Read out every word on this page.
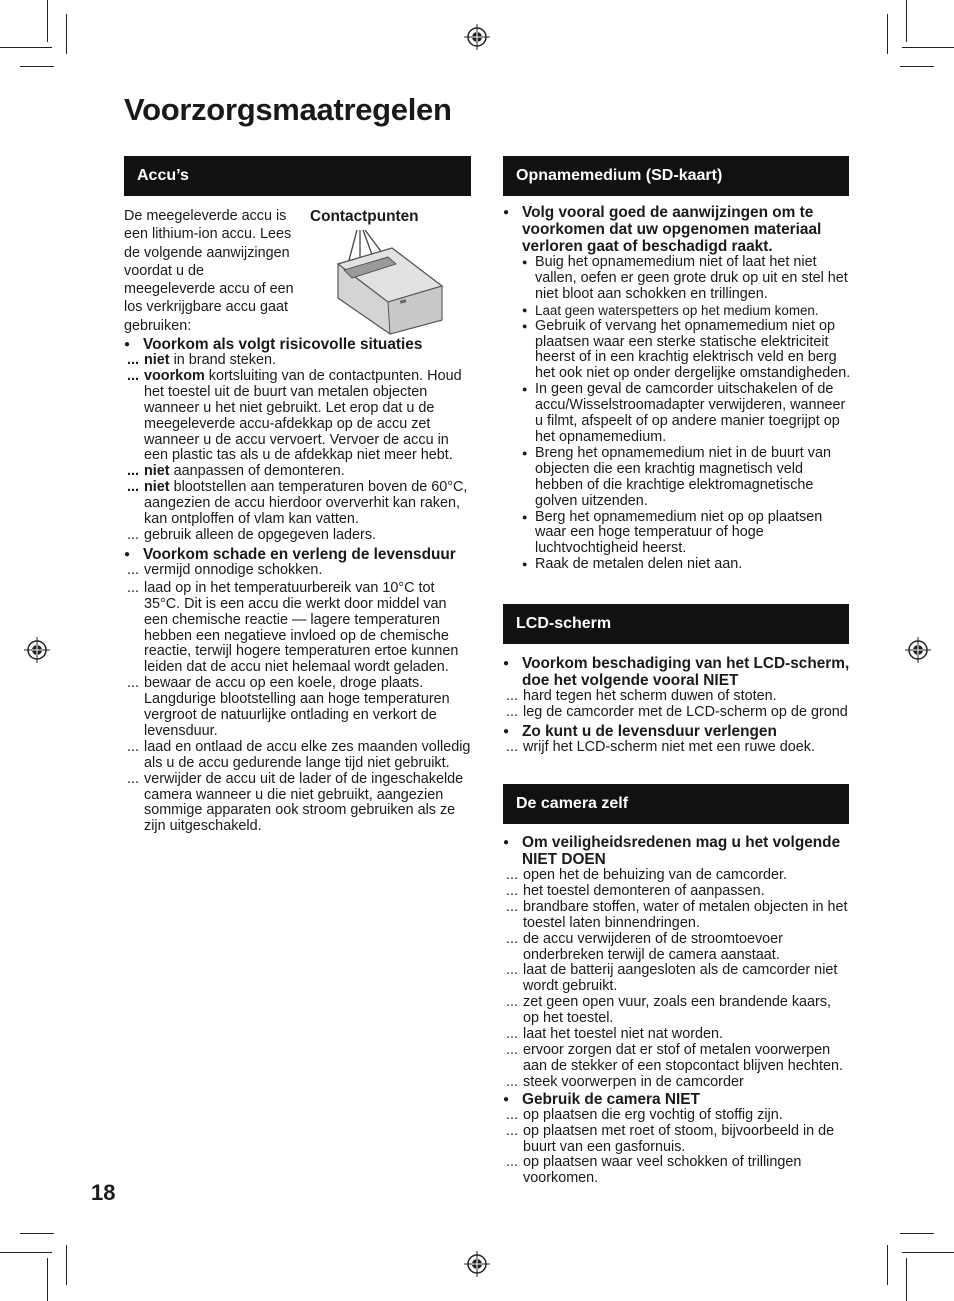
Voorzorgsmaatregelen
Accu’s
De meegeleverde accu is een lithium-ion accu. Lees de volgende aanwijzingen voordat u de meegeleverde accu of een los verkrijgbare accu gaat gebruiken:
Contactpunten

● Voorkom als volgt risicovolle situaties

... niet in brand steken.

... voorkom kortsluiting van de contactpunten. Houd het toestel uit de buurt van metalen objecten wanneer u het niet gebruikt. Let erop dat u de meegeleverde accu-afdekkap op de accu zet wanneer u de accu vervoert. Vervoer de accu in een plastic tas als u de afdekkap niet meer hebt.

... niet aanpassen of demonteren.

... niet blootstellen aan temperaturen boven de 60°C, aangezien de accu hierdoor oververhit kan raken, kan ontploffen of vlam kan vatten.

... gebruik alleen de opgegeven laders.

● Voorkom schade en verleng de levensduur

... vermijd onnodige schokken.

... laad op in het temperatuurbereik van 10°C tot 35°C. Dit is een accu die werkt door middel van een chemische reactie — lagere temperaturen hebben een negatieve invloed op de chemische reactie, terwijl hogere temperaturen ertoe kunnen leiden dat de accu niet helemaal wordt geladen.

... bewaar de accu op een koele, droge plaats. Langdurige blootstelling aan hoge temperaturen vergroot de natuurlijke ontlading en verkort de levensduur.

... laad en ontlaad de accu elke zes maanden volledig als u de accu gedurende lange tijd niet gebruikt.

... verwijder de accu uit de lader of de ingeschakelde camera wanneer u die niet gebruikt, aangezien sommige apparaten ook stroom gebruiken als ze zijn uitgeschakeld.

Opnamemedium (SD-kaart)

● Volg vooral goed de aanwijzingen om te voorkomen dat uw opgenomen materiaal verloren gaat of beschadigd raakt.

● Buig het opnamemedium niet of laat het niet vallen, oefen er geen grote druk op uit en stel het niet bloot aan schokken en trillingen.

● Laat geen waterspetters op het medium komen.

● Gebruik of vervang het opnamemedium niet op plaatsen waar een sterke statische elektriciteit heerst of in een krachtig elektrisch veld en berg het ook niet op onder dergelijke omstandigheden.

● In geen geval de camcorder uitschakelen of de accu/Wisselstroomadapter verwijderen, wanneer u filmt, afspeelt of op andere manier toegrijpt op het opnamemedium.

● Breng het opnamemedium niet in de buurt van objecten die een krachtig magnetisch veld hebben of die krachtige elektromagnetische golven uitzenden.

● Berg het opnamemedium niet op op plaatsen waar een hoge temperatuur of hoge luchtvochtigheid heerst.

● Raak de metalen delen niet aan.

LCD-scherm

● Voorkom beschadiging van het LCD-scherm, doe het volgende vooral NIET

... hard tegen het scherm duwen of stoten.

... leg de camcorder met de LCD-scherm op de grond

● Zo kunt u de levensduur verlengen

... wrijf het LCD-scherm niet met een ruwe doek.

De camera zelf

● Om veiligheidsredenen mag u het volgende NIET DOEN

... open het de behuizing van de camcorder.

... het toestel demonteren of aanpassen.

... brandbare stoffen, water of metalen objecten in het toestel laten binnendringen.

... de accu verwijderen of de stroomtoevoer onderbreken terwijl de camera aanstaat.

... laat de batterij aangesloten als de camcorder niet wordt gebruikt.

... zet geen open vuur, zoals een brandende kaars, op het toestel.

... laat het toestel niet nat worden.

... ervoor zorgen dat er stof of metalen voorwerpen aan de stekker of een stopcontact blijven hechten.

... steek voorwerpen in de camcorder

● Gebruik de camera NIET

... op plaatsen die erg vochtig of stoffig zijn.

... op plaatsen met roet of stoom, bijvoorbeeld in de buurt van een gasfornuis.

... op plaatsen waar veel schokken of trillingen voorkomen.

18
